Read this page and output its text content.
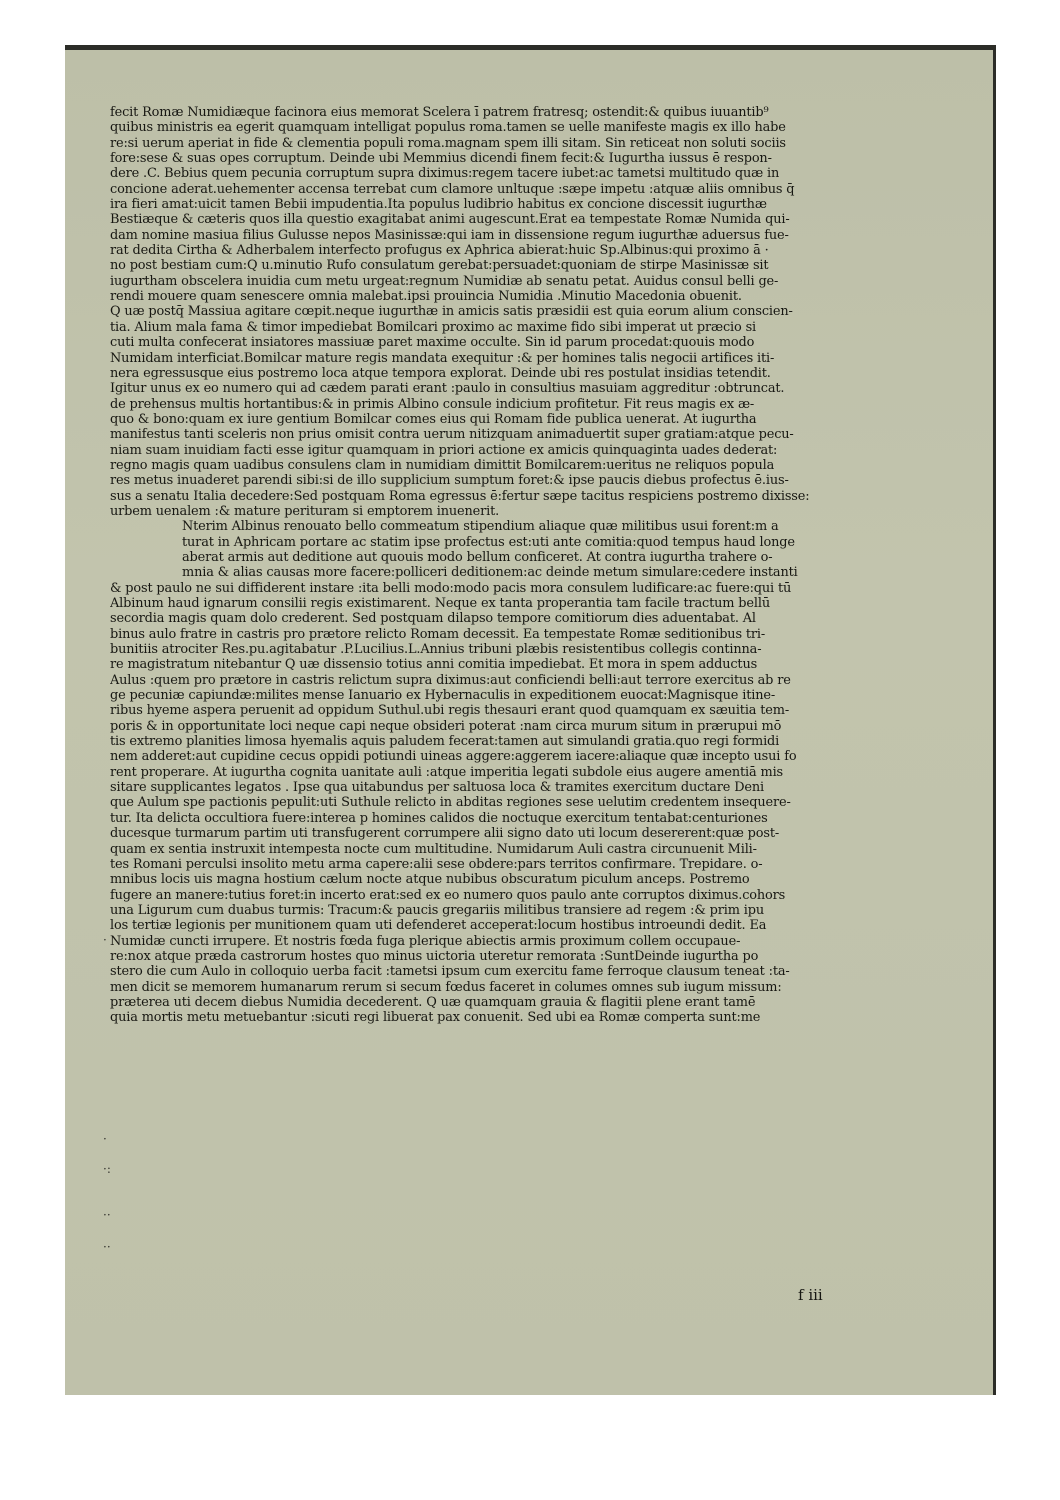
fecit Romæ Numidiæque facinora eius memorat Scelera ī patrem fratresq; ostendit:& quibus iuuantib⁹
quibus ministris ea egerit quamquam intelligat populus roma.tamen se uelle manifeste magis ex illo habe
re:si uerum aperiat in fide & clementia populi roma.magnam spem illi sitam. Sin reticeat non soluti sociis
fore:sese & suas opes corruptum. Deinde ubi Memmius dicendi finem fecit:& Iugurtha iussus ē respon-
dere .C. Bebius quem pecunia corruptum supra diximus:regem tacere iubet:ac tametsi multitudo quæ in
concione aderat.uehementer accensa terrebat cum clamore unltuque :sæpe impetu :atquæ aliis omnibus q̄
ira fieri amat:uicit tamen Bebii impudentia.Ita populus ludibrio habitus ex concione discessit iugurthæ
Bestiæque & cæteris quos illa questio exagitabat animi augescunt.Erat ea tempestate Romæ Numida qui-
dam nomine masiua filius Gulusse nepos Masinissæ:qui iam in dissensione regum iugurthæ aduersus fue-
rat dedita Cirtha & Adherbalem interfecto profugus ex Aphrica abierat:huic Sp.Albinus:qui proximo ā ·
no post bestiam cum:Q u.minutio Rufo consulatum gerebat:persuadet:quoniam de stirpe Masinissæ sit
iugurtham obscelera inuidia cum metu urgeat:regnum Numidiæ ab senatu petat. Auidus consul belli ge-
rendi mouere quam senescere omnia malebat.ipsi prouincia Numidia .Minutio Macedonia obuenit.
Q uæ postq̄ Massiua agitare cœpit.neque iugurthæ in amicis satis præsidii est quia eorum alium conscien-
tia. Alium mala fama & timor impediebat Bomilcari proximo ac maxime fido sibi imperat ut præcio si
cuti multa confecerat insiatores massiuæ paret maxime occulte. Sin id parum procedat:quouis modo
Numidam interficiat.Bomilcar mature regis mandata exequitur :& per homines talis negocii artifices iti-
nera egressusque eius postremo loca atque tempora explorat. Deinde ubi res postulat insidias tetendit.
Igitur unus ex eo numero qui ad cædem parati erant :paulo in consultius masuiam aggreditur :obtruncat.
de prehensus multis hortantibus:& in primis Albino consule indicium profitetur. Fit reus magis ex æ-
quo & bono:quam ex iure gentium Bomilcar comes eius qui Romam fide publica uenerat. At iugurtha
manifestus tanti sceleris non prius omisit contra uerum nitizquam animaduertit super gratiam:atque pecu-
niam suam inuidiam facti esse igitur quamquam in priori actione ex amicis quinquaginta uades dederat:
regno magis quam uadibus consulens clam in numidiam dimittit Bomilcarem:ueritus ne reliquos popula
res metus inuaderet parendi sibi:si de illo supplicium sumptum foret:& ipse paucis diebus profectus ē.ius-
sus a senatu Italia decedere:Sed postquam Roma egressus ē:fertur sæpe tacitus respiciens postremo dixisse:
urbem uenalem :& mature perituram si emptorem inuenerit.
Nterim Albinus renouato bello commeatum stipendium aliaque quæ militibus usui forent:m a
turat in Aphricam portare ac statim ipse profectus est:uti ante comitia:quod tempus haud longe
aberat armis aut deditione aut quouis modo bellum conficeret. At contra iugurtha trahere o-
mnia & alias causas more facere:polliceri deditionem:ac deinde metum simulare:cedere instanti
& post paulo ne sui diffiderent instare :ita belli modo:modo pacis mora consulem ludificare:ac fuere:qui tū
Albinum haud ignarum consilii regis existimarent. Neque ex tanta properantia tam facile tractum bellū
secordia magis quam dolo crederent. Sed postquam dilapso tempore comitiorum dies aduentabat. Al
binus aulo fratre in castris pro prætore relicto Romam decessit. Ea tempestate Romæ seditionibus tri-
bunitiis atrociter Res.pu.agitabatur .P.Lucilius.L.Annius tribuni plæbis resistentibus collegis continna-
re magistratum nitebantur Q uæ dissensio totius anni comitia impediebat. Et mora in spem adductus
Aulus :quem pro prætore in castris relictum supra diximus:aut conficiendi belli:aut terrore exercitus ab re
ge pecuniæ capiundæ:milites mense Ianuario ex Hybernaculis in expeditionem euocat:Magnisque itine-
ribus hyeme aspera peruenit ad oppidum Suthul.ubi regis thesauri erant quod quamquam ex sæuitia tem-
poris & in opportunitate loci neque capi neque obsideri poterat :nam circa murum situm in prærupui mō
tis extremo planities limosa hyemalis aquis paludem fecerat:tamen aut simulandi gratia.quo regi formidi
nem adderet:aut cupidine cecus oppidi potiundi uineas aggere:aggerem iacere:aliaque quæ incepto usui fo
rent properare. At iugurtha cognita uanitate auli :atque imperitia legati subdole eius augere amentiā mis
sitare supplicantes legatos . Ipse qua uitabundus per saltuosa loca & tramites exercitum ductare Deni
que Aulum spe pactionis pepulit:uti Suthule relicto in abditas regiones sese uelutim credentem insequere-
tur. Ita delicta occultiora fuere:interea p homines calidos die noctuque exercitum tentabat:centuriones
ducesque turmarum partim uti transfugerent corrumpere alii signo dato uti locum desererent:quæ post-
quam ex sentia instruxit intempesta nocte cum multitudine. Numidarum Auli castra circunuenit Mili-
tes Romani perculsi insolito metu arma capere:alii sese obdere:pars territos confirmare. Trepidare. o-
mnibus locis uis magna hostium cælum nocte atque nubibus obscuratum piculum anceps. Postremo
fugere an manere:tutius foret:in incerto erat:sed ex eo numero quos paulo ante corruptos diximus.cohors
una Ligurum cum duabus turmis: Tracum:& paucis gregariis militibus transiere ad regem :& prim ipu
los tertiæ legionis per munitionem quam uti defenderet acceperat:locum hostibus introeundi dedit. Ea
Numidæ cuncti irrupere. Et nostris fœda fuga plerique abiectis armis proximum collem occupaue-
re:nox atque præda castrorum hostes quo minus uictoria uteretur remorata :SuntDeinde iugurtha po
stero die cum Aulo in colloquio uerba facit :tametsi ipsum cum exercitu fame ferroque clausum teneat :ta-
men dicit se memorem humanarum rerum si secum fœdus faceret in columes omnes sub iugum missum:
præterea uti decem diebus Numidia decederent. Q uæ quamquam grauia & flagitii plene erant tamē
quia mortis metu metuebantur :sicuti regi libuerat pax conuenit. Sed ubi ea Romæ comperta sunt:me
·
·
·:
··
··
f iii
